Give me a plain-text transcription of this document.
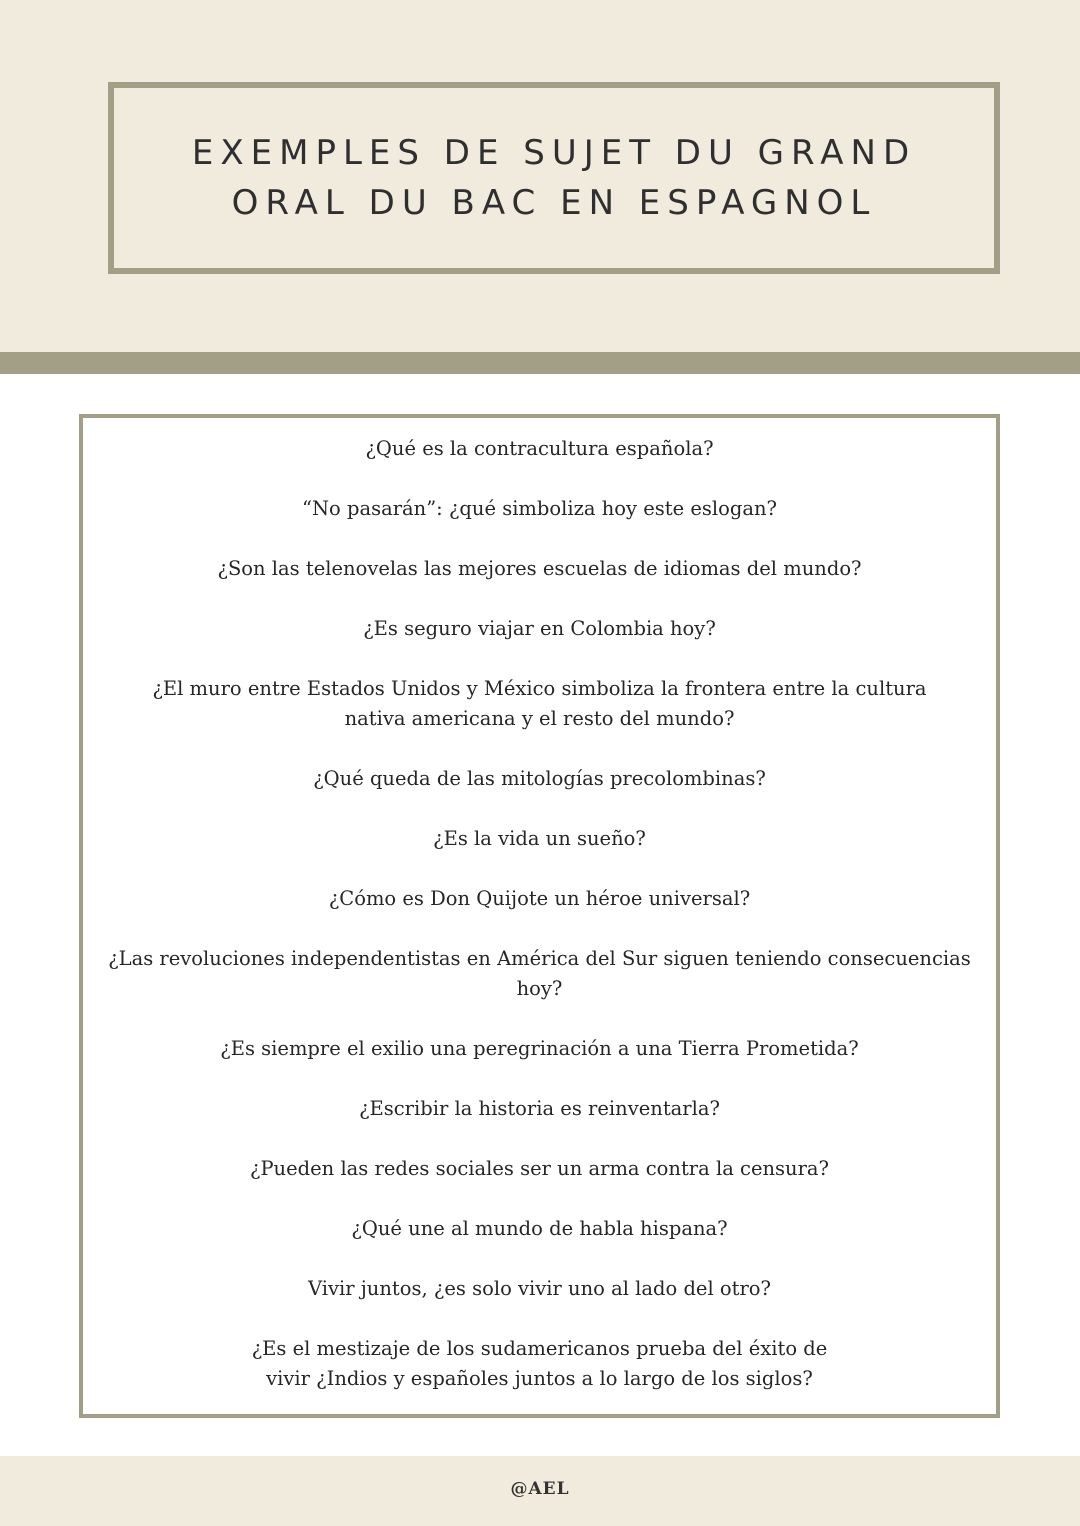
EXEMPLES DE SUJET DU GRAND
ORAL DU BAC EN ESPAGNOL
¿Qué es la contracultura española?
“No pasarán”: ¿qué simboliza hoy este eslogan?
¿Son las telenovelas las mejores escuelas de idiomas del mundo?
¿Es seguro viajar en Colombia hoy?
¿El muro entre Estados Unidos y México simboliza la frontera entre la cultura nativa americana y el resto del mundo?
¿Qué queda de las mitologías precolombinas?
¿Es la vida un sueño?
¿Cómo es Don Quijote un héroe universal?
¿Las revoluciones independentistas en América del Sur siguen teniendo consecuencias hoy?
¿Es siempre el exilio una peregrinación a una Tierra Prometida?
¿Escribir la historia es reinventarla?
¿Pueden las redes sociales ser un arma contra la censura?
¿Qué une al mundo de habla hispana?
Vivir juntos, ¿es solo vivir uno al lado del otro?
¿Es el mestizaje de los sudamericanos prueba del éxito de vivir ¿Indios y españoles juntos a lo largo de los siglos?
@AEL
